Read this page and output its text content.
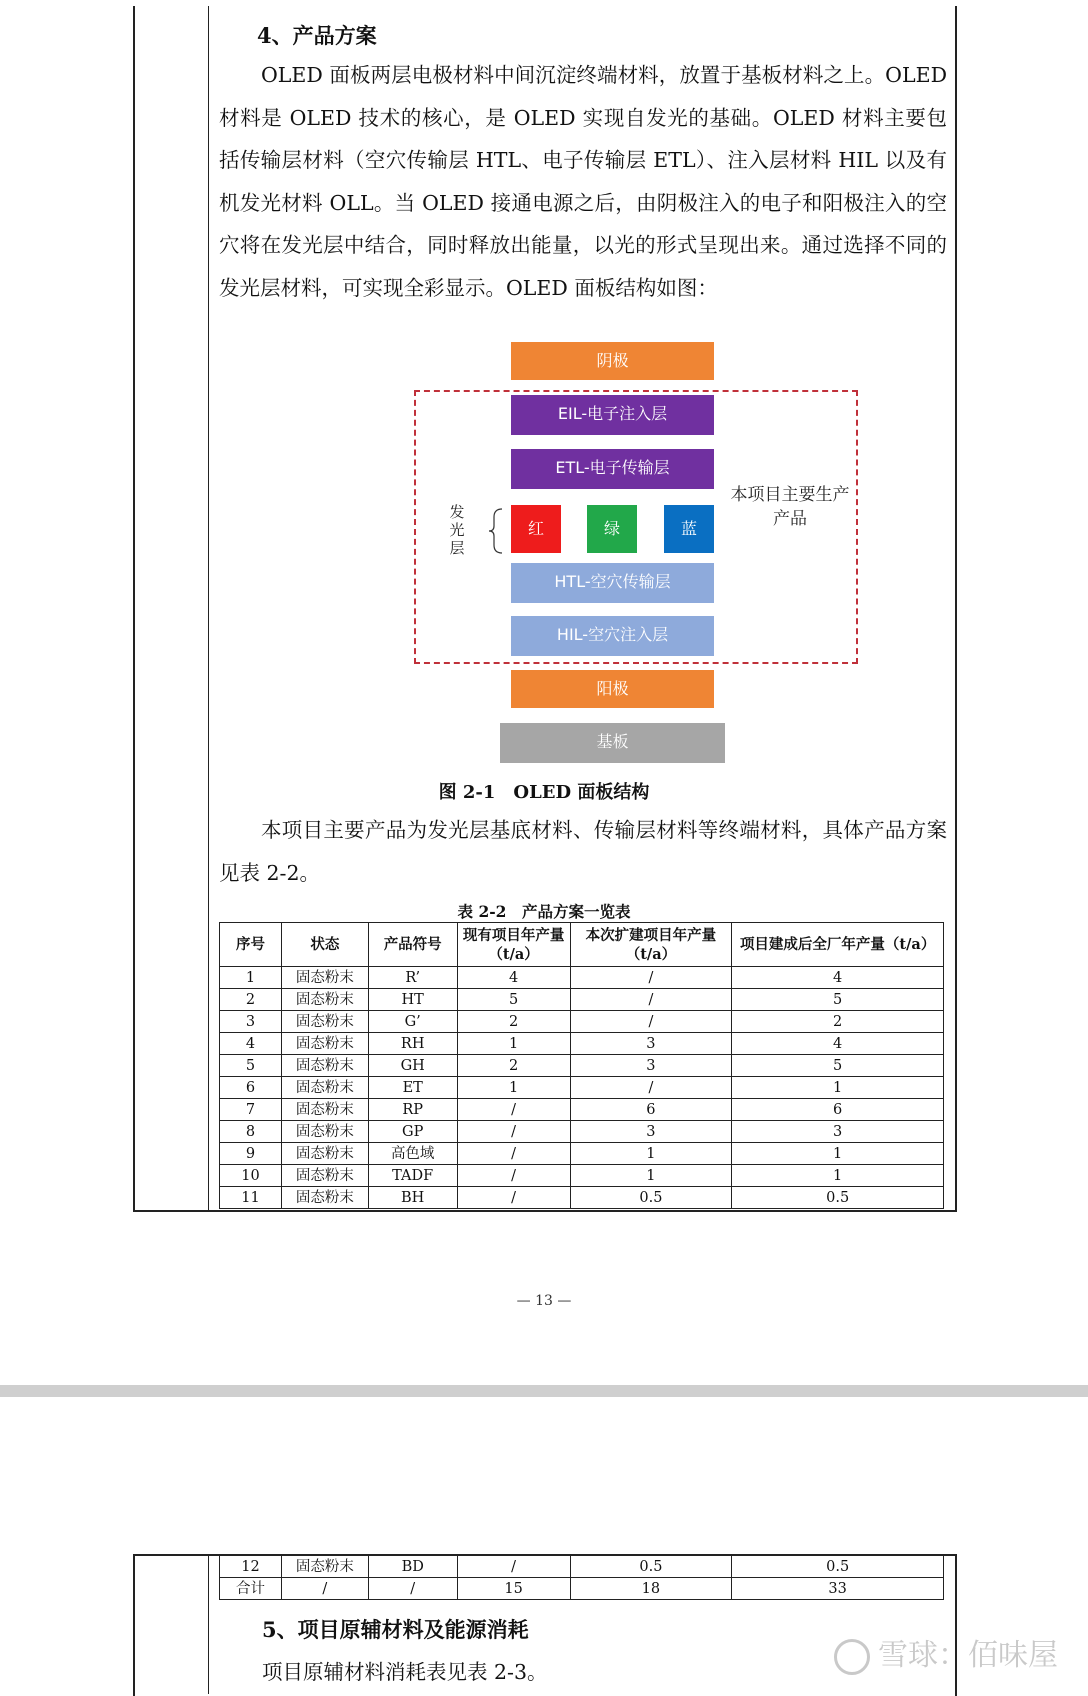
4、产品方案

OLED 面板两层电极材料中间沉淀终端材料，放置于基板材料之上。OLED 材料是 OLED 技术的核心，是 OLED 实现自发光的基础。OLED 材料主要包括传输层材料（空穴传输层 HTL、电子传输层 ETL）、注入层材料 HIL 以及有机发光材料 OLL。当 OLED 接通电源之后，由阴极注入的电子和阳极注入的空穴将在发光层中结合，同时释放出能量，以光的形式呈现出来。通过选择不同的发光层材料，可实现全彩显示。OLED 面板结构如图：

阴极
EIL-电子注入层
ETL-电子传输层
红	绿	蓝
HTL-空穴传输层
HIL-空穴注入层
阳极
基板
发光层
本项目主要生产产品
图 2-1　OLED 面板结构

本项目主要产品为发光层基底材料、传输层材料等终端材料，具体产品方案见表 2-2。

表 2-2　产品方案一览表
序号	状态	产品符号	现有项目年产量（t/a）	本次扩建项目年产量（t/a）	项目建成后全厂年产量（t/a）
1	固态粉末	R’	4	/	4
2	固态粉末	HT	5	/	5
3	固态粉末	G’	2	/	2
4	固态粉末	RH	1	3	4
5	固态粉末	GH	2	3	5
6	固态粉末	ET	1	/	1
7	固态粉末	RP	/	6	6
8	固态粉末	GP	/	3	3
9	固态粉末	高色域	/	1	1
10	固态粉末	TADF	/	1	1
11	固态粉末	BH	/	0.5	0.5
— 13 —
12	固态粉末	BD	/	0.5	0.5
合计	/	/	15	18	33
5、项目原辅材料及能源消耗
项目原辅材料消耗表见表 2-3。	雪球：佰味屋
